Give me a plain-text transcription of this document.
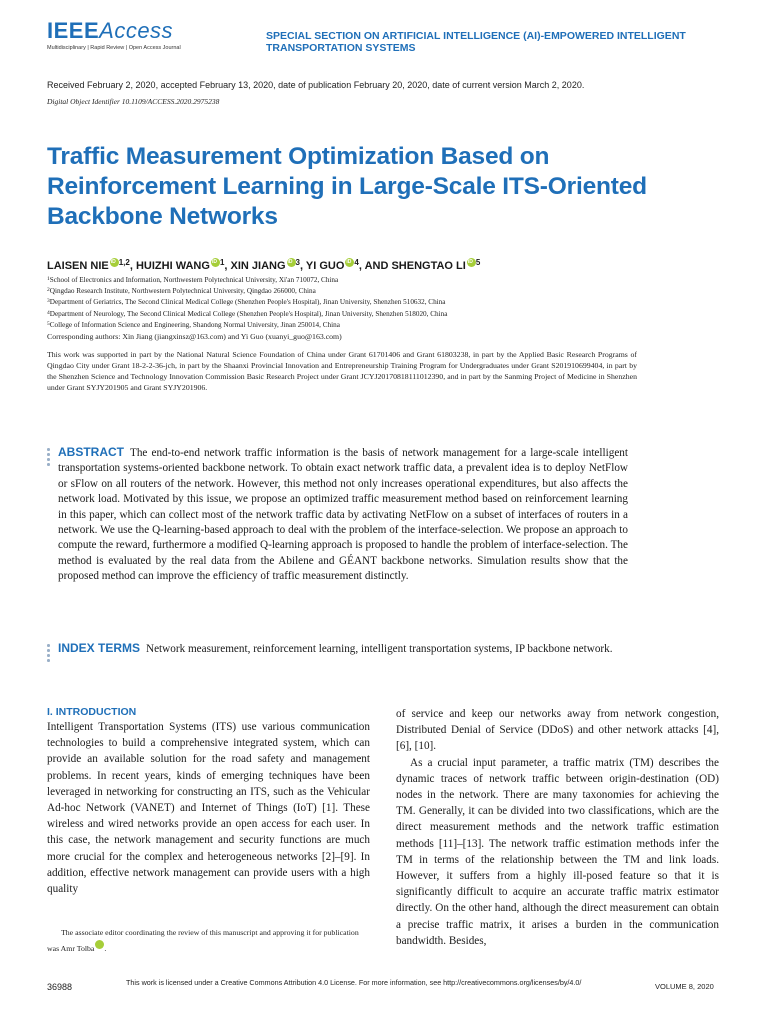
IEEEAccess
Multidisciplinary | Rapid Review | Open Access Journal
SPECIAL SECTION ON ARTIFICIAL INTELLIGENCE (AI)-EMPOWERED INTELLIGENT TRANSPORTATION SYSTEMS
Received February 2, 2020, accepted February 13, 2020, date of publication February 20, 2020, date of current version March 2, 2020.
Digital Object Identifier 10.1109/ACCESS.2020.2975238
Traffic Measurement Optimization Based on Reinforcement Learning in Large-Scale ITS-Oriented Backbone Networks
LAISEN NIE iD $^{1,2}$, HUIZHI WANG iD $^1$, XIN JIANG iD $^3$, YI GUO iD $^4$, AND SHENGTAO LI iD $^5$
$^1$School of Electronics and Information, Northwestern Polytechnical University, Xi'an 710072, China
$^2$Qingdao Research Institute, Northwestern Polytechnical University, Qingdao 266000, China
$^3$Department of Geriatrics, The Second Clinical Medical College (Shenzhen People's Hospital), Jinan University, Shenzhen 510632, China
$^4$Department of Neurology, The Second Clinical Medical College (Shenzhen People's Hospital), Jinan University, Shenzhen 518020, China
$^5$College of Information Science and Engineering, Shandong Normal University, Jinan 250014, China
Corresponding authors: Xin Jiang (jiangxinsz@163.com) and Yi Guo (xuanyi_guo@163.com)
This work was supported in part by the National Natural Science Foundation of China under Grant 61701406 and Grant 61803238, in part by the Applied Basic Research Programs of Qingdao City under Grant 18-2-2-36-jch, in part by the Shaanxi Provincial Innovation and Entrepreneurship Training Program for Undergraduates under Grant S201910699404, in part by the Shenzhen Science and Technology Innovation Commission Basic Research Project under Grant JCYJ20170818111012390, and in part by the Sanming Project of Medicine in Shenzhen under Grant SYJY201905 and Grant SYJY201906.
ABSTRACT The end-to-end network traffic information is the basis of network management for a large-scale intelligent transportation systems-oriented backbone network. To obtain exact network traffic data, a prevalent idea is to deploy NetFlow or sFlow on all routers of the network. However, this method not only increases operational expenditures, but also affects the network load. Motivated by this issue, we propose an optimized traffic measurement method based on reinforcement learning in this paper, which can collect most of the network traffic data by activating NetFlow on a subset of interfaces of routers in a network. We use the Q-learning-based approach to deal with the problem of the interface-selection. We propose an approach to compute the reward, furthermore a modified Q-learning approach is proposed to handle the problem of interface-selection. The method is evaluated by the real data from the Abilene and GÉANT backbone networks. Simulation results show that the proposed method can improve the efficiency of traffic measurement distinctly.
INDEX TERMS Network measurement, reinforcement learning, intelligent transportation systems, IP backbone network.
I. INTRODUCTION
Intelligent Transportation Systems (ITS) use various communication technologies to build a comprehensive integrated system, which can provide an available solution for the road safety and management problems. In recent years, kinds of emerging techniques have been leveraged in networking for constructing an ITS, such as the Vehicular Ad-hoc Network (VANET) and Internet of Things (IoT) [1]. These wireless and wired networks provide an open access for each user. In this case, the network management and security functions are much more crucial for the complex and heterogeneous networks [2]–[9]. In addition, effective network management can provide users with a high quality
of service and keep our networks away from network congestion, Distributed Denial of Service (DDoS) and other network attacks [4], [6], [10].
As a crucial input parameter, a traffic matrix (TM) describes the dynamic traces of network traffic between origin-destination (OD) nodes in the network. There are many taxonomies for achieving the TM. Generally, it can be divided into two classifications, which are the direct measurement methods and the network traffic estimation methods [11]–[13]. The network traffic estimation methods infer the TM in terms of the relationship between the TM and link loads. However, it suffers from a highly ill-posed feature so that it is significantly difficult to acquire an accurate traffic matrix estimator directly. On the other hand, although the direct measurement can obtain a precise traffic matrix, it arises a burden in the communication bandwidth. Besides,
The associate editor coordinating the review of this manuscript and approving it for publication was Amr Tolba iD .
36988	This work is licensed under a Creative Commons Attribution 4.0 License. For more information, see http://creativecommons.org/licenses/by/4.0/	VOLUME 8, 2020
